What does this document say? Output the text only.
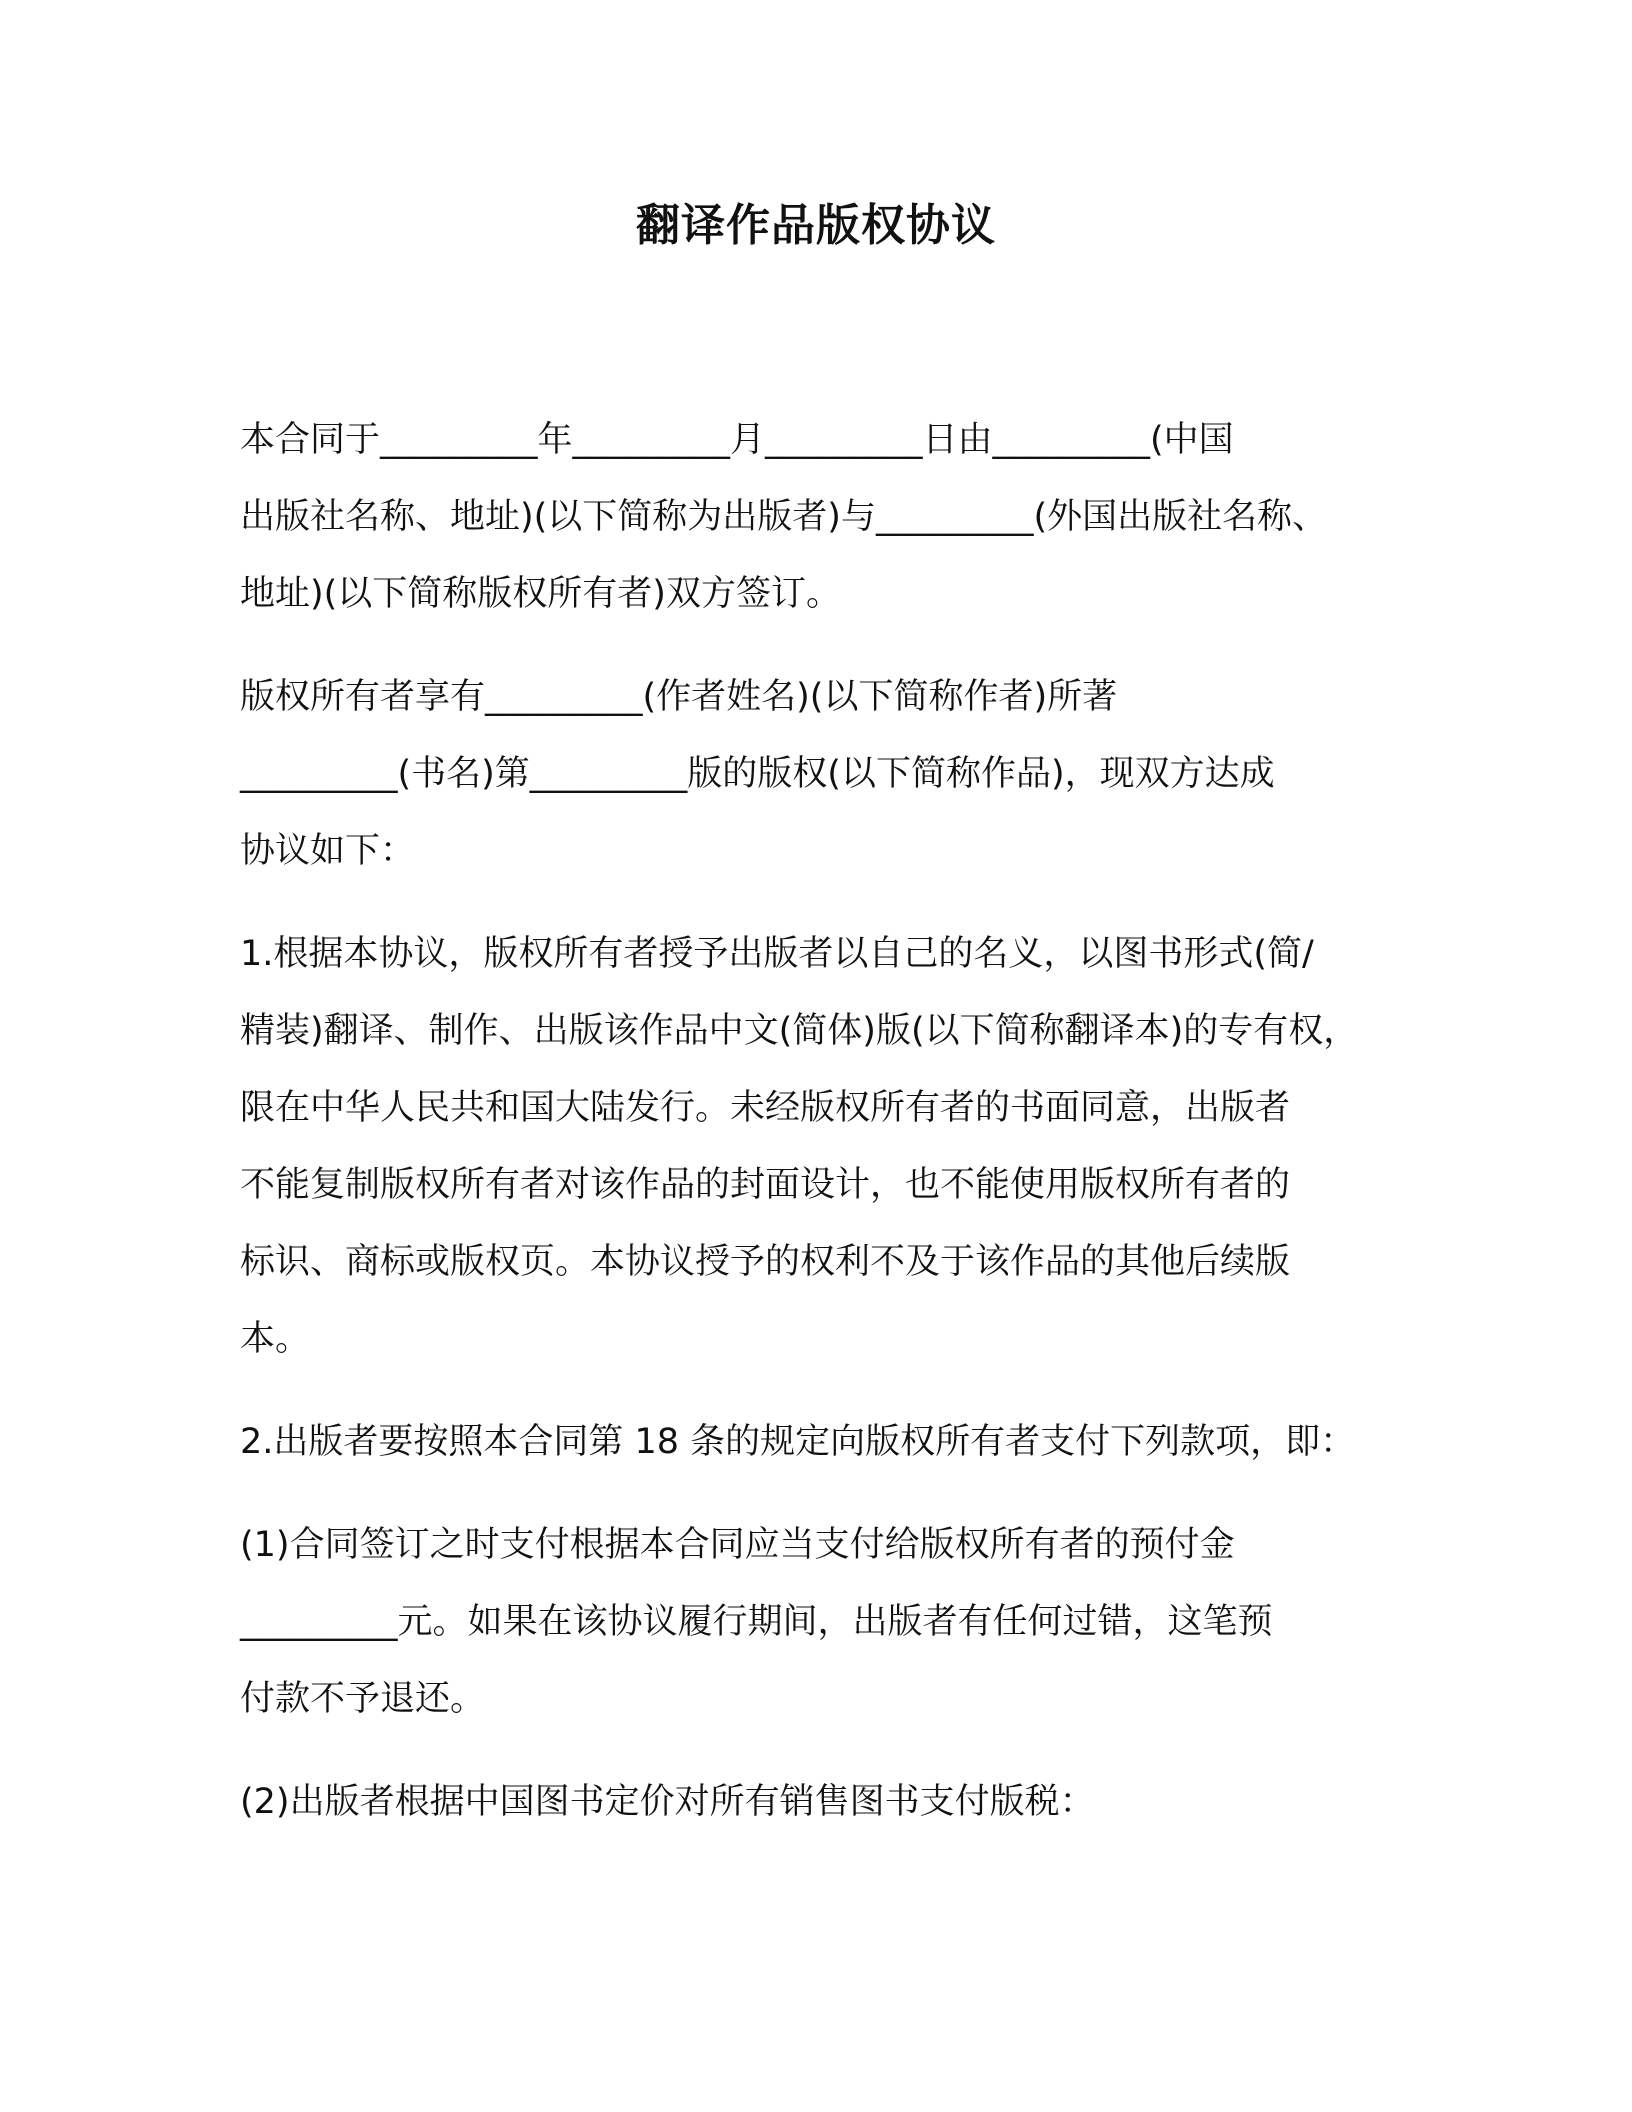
翻译作品版权协议

本合同于_________年_________月_________日由_________(中国
出版社名称、地址)(以下简称为出版者)与_________(外国出版社名称、
地址)(以下简称版权所有者)双方签订。

版权所有者享有_________(作者姓名)(以下简称作者)所著
_________(书名)第_________版的版权(以下简称作品)，现双方达成
协议如下：

1.根据本协议，版权所有者授予出版者以自己的名义，以图书形式(简/
精装)翻译、制作、出版该作品中文(简体)版(以下简称翻译本)的专有权，
限在中华人民共和国大陆发行。未经版权所有者的书面同意，出版者
不能复制版权所有者对该作品的封面设计，也不能使用版权所有者的
标识、商标或版权页。本协议授予的权利不及于该作品的其他后续版
本。

2.出版者要按照本合同第 18 条的规定向版权所有者支付下列款项，即：

(1)合同签订之时支付根据本合同应当支付给版权所有者的预付金
_________元。如果在该协议履行期间，出版者有任何过错，这笔预
付款不予退还。

(2)出版者根据中国图书定价对所有销售图书支付版税：
